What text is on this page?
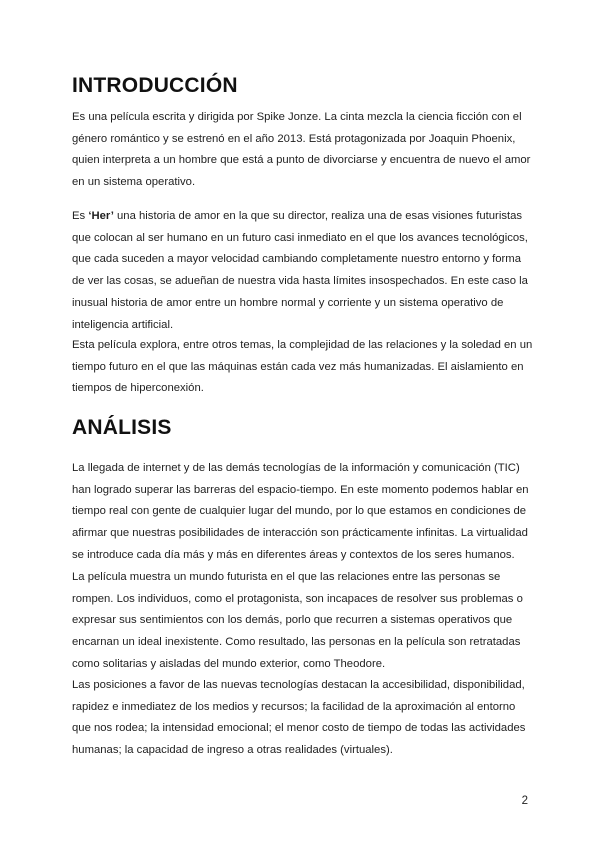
INTRODUCCIÓN

Es una película escrita y dirigida por Spike Jonze. La cinta mezcla la ciencia ficción con el género romántico y se estrenó en el año 2013. Está protagonizada por Joaquin Phoenix, quien interpreta a un hombre que está a punto de divorciarse y encuentra de nuevo el amor en un sistema operativo.

Es ‘Her’ una historia de amor en la que su director, realiza una de esas visiones futuristas que colocan al ser humano en un futuro casi inmediato en el que los avances tecnológicos, que cada suceden a mayor velocidad cambiando completamente nuestro entorno y forma de ver las cosas, se adueñan de nuestra vida hasta límites insospechados. En este caso la inusual historia de amor entre un hombre normal y corriente y un sistema operativo de inteligencia artificial.

Esta película explora, entre otros temas, la complejidad de las relaciones y la soledad en un tiempo futuro en el que las máquinas están cada vez más humanizadas. El aislamiento en tiempos de hiperconexión.

ANÁLISIS

La llegada de internet y de las demás tecnologías de la información y comunicación (TIC) han logrado superar las barreras del espacio-tiempo. En este momento podemos hablar en tiempo real con gente de cualquier lugar del mundo, por lo que estamos en condiciones de afirmar que nuestras posibilidades de interacción son prácticamente infinitas. La virtualidad se introduce cada día más y más en diferentes áreas y contextos de los seres humanos.

La película muestra un mundo futurista en el que las relaciones entre las personas se rompen. Los individuos, como el protagonista, son incapaces de resolver sus problemas o expresar sus sentimientos con los demás, porlo que recurren a sistemas operativos que encarnan un ideal inexistente. Como resultado, las personas en la película son retratadas como solitarias y aisladas del mundo exterior, como Theodore.

Las posiciones a favor de las nuevas tecnologías destacan la accesibilidad, disponibilidad, rapidez e inmediatez de los medios y recursos; la facilidad de la aproximación al entorno que nos rodea; la intensidad emocional; el menor costo de tiempo de todas las actividades humanas; la capacidad de ingreso a otras realidades (virtuales).

2
